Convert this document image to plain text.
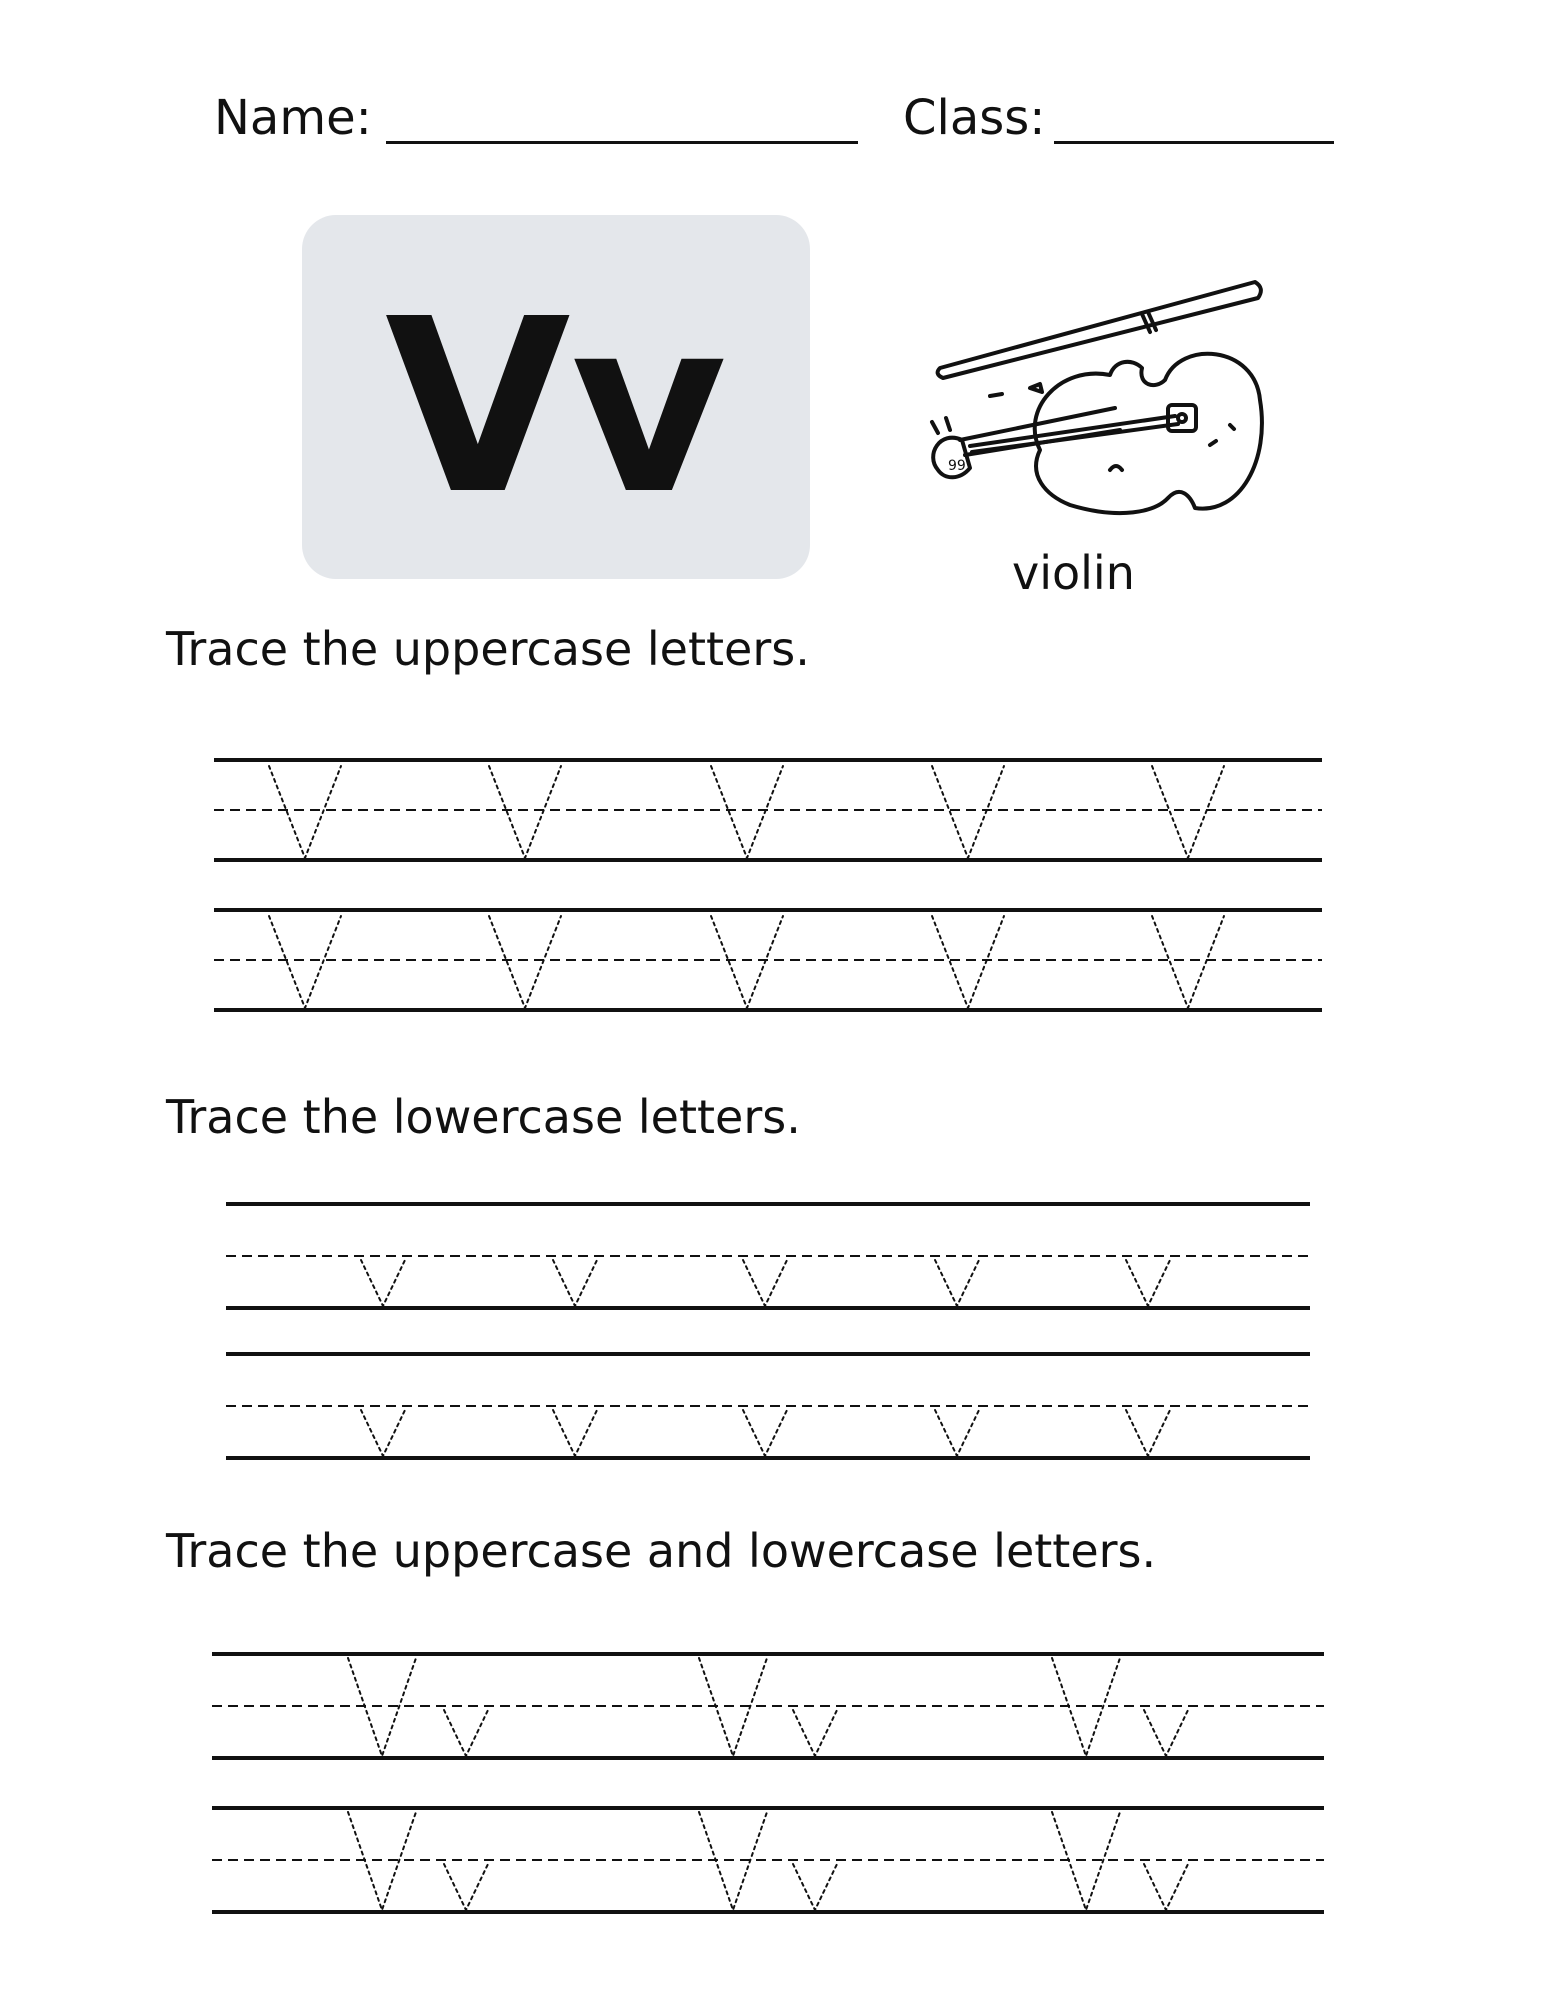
Name:	Class:
Vv	99
violin
Trace the uppercase letters.
Trace the lowercase letters.
Trace the uppercase and lowercase letters.
